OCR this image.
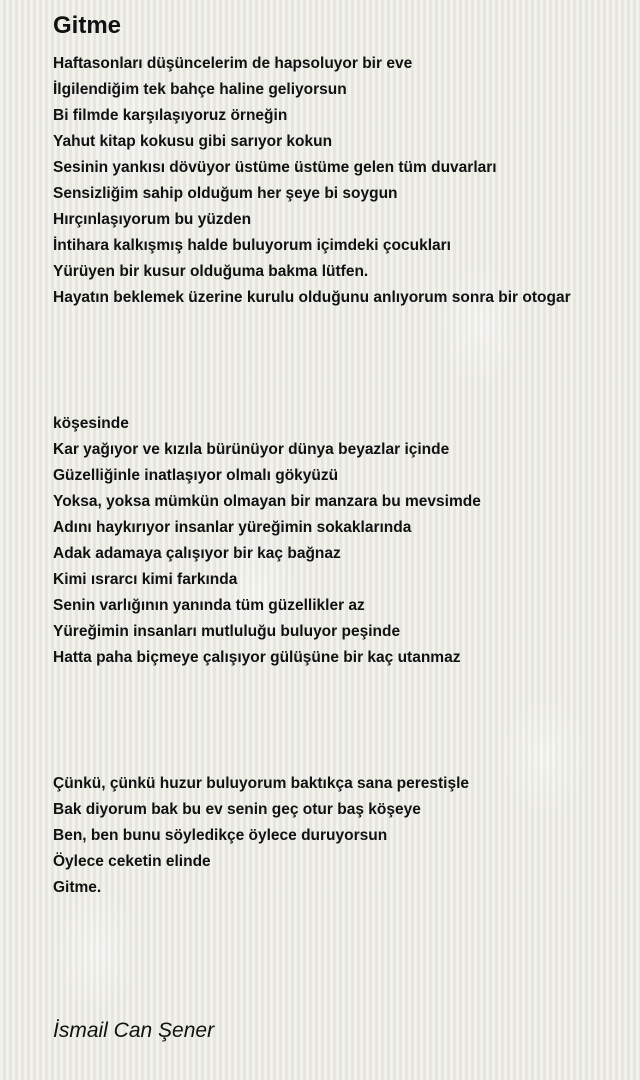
Gitme
Haftasonları düşüncelerim de hapsoluyor bir eve
İlgilendiğim tek bahçe haline geliyorsun
Bi filmde karşılaşıyoruz örneğin
Yahut kitap kokusu gibi sarıyor kokun
Sesinin yankısı dövüyor üstüme üstüme gelen tüm duvarları
Sensizliğim sahip olduğum her şeye bi soygun
Hırçınlaşıyorum bu yüzden
İntihara kalkışmış halde buluyorum içimdeki çocukları
Yürüyen bir kusur olduğuma bakma lütfen.
Hayatın beklemek üzerine kurulu olduğunu anlıyorum sonra bir otogar
köşesinde
Kar yağıyor ve kızıla bürünüyor dünya beyazlar içinde
Güzelliğinle inatlaşıyor olmalı gökyüzü
Yoksa, yoksa mümkün olmayan bir manzara bu mevsimde
Adını haykırıyor insanlar yüreğimin sokaklarında
Adak adamaya çalışıyor bir kaç bağnaz
Kimi ısrarcı kimi farkında
Senin varlığının yanında tüm güzellikler az
Yüreğimin insanları mutluluğu buluyor peşinde
Hatta paha biçmeye çalışıyor gülüşüne bir kaç utanmaz
Çünkü, çünkü huzur buluyorum baktıkça sana perestişle
Bak diyorum bak bu ev senin geç otur baş köşeye
Ben, ben bunu söyledikçe öylece duruyorsun
Öylece ceketin elinde
Gitme.
İsmail Can Şener
